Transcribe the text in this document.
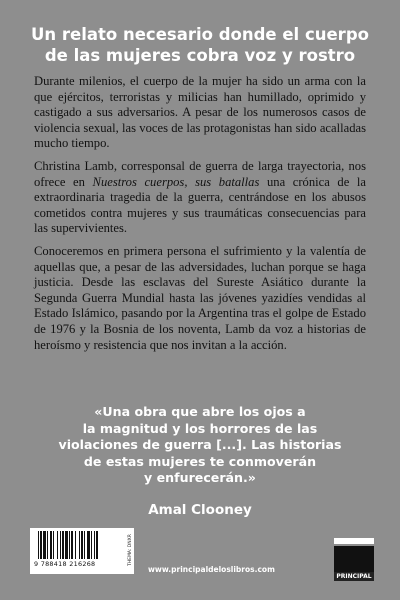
Un relato necesario donde el cuerpo
de las mujeres cobra voz y rostro

Durante milenios, el cuerpo de la mujer ha sido un arma con la que ejércitos, terroristas y milicias han humillado, oprimido y castigado a sus adversarios. A pesar de los numerosos casos de violencia sexual, las voces de las protagonistas han sido acalladas mucho tiempo.

Christina Lamb, corresponsal de guerra de larga trayectoria, nos ofrece en Nuestros cuerpos, sus batallas una crónica de la extraordinaria tragedia de la guerra, centrándose en los abusos cometidos contra mujeres y sus traumáticas consecuencias para las supervivientes.

Conoceremos en primera persona el sufrimiento y la valentía de aquellas que, a pesar de las adversidades, luchan porque se haga justicia. Desde las esclavas del Sureste Asiático durante la Segunda Guerra Mundial hasta las jóvenes yazidíes vendidas al Estado Islámico, pasando por la Argentina tras el golpe de Estado de 1976 y la Bosnia de los noventa, Lamb da voz a historias de heroísmo y resistencia que nos invitan a la acción.

«Una obra que abre los ojos a
la magnitud y los horrores de las
violaciones de guerra [...]. Las historias
de estas mujeres te conmoverán
y enfurecerán.»
Amal Clooney
9 788418 216268	THEMA: DNXR
www.principaldeloslibros.com
PRINCIPAL
